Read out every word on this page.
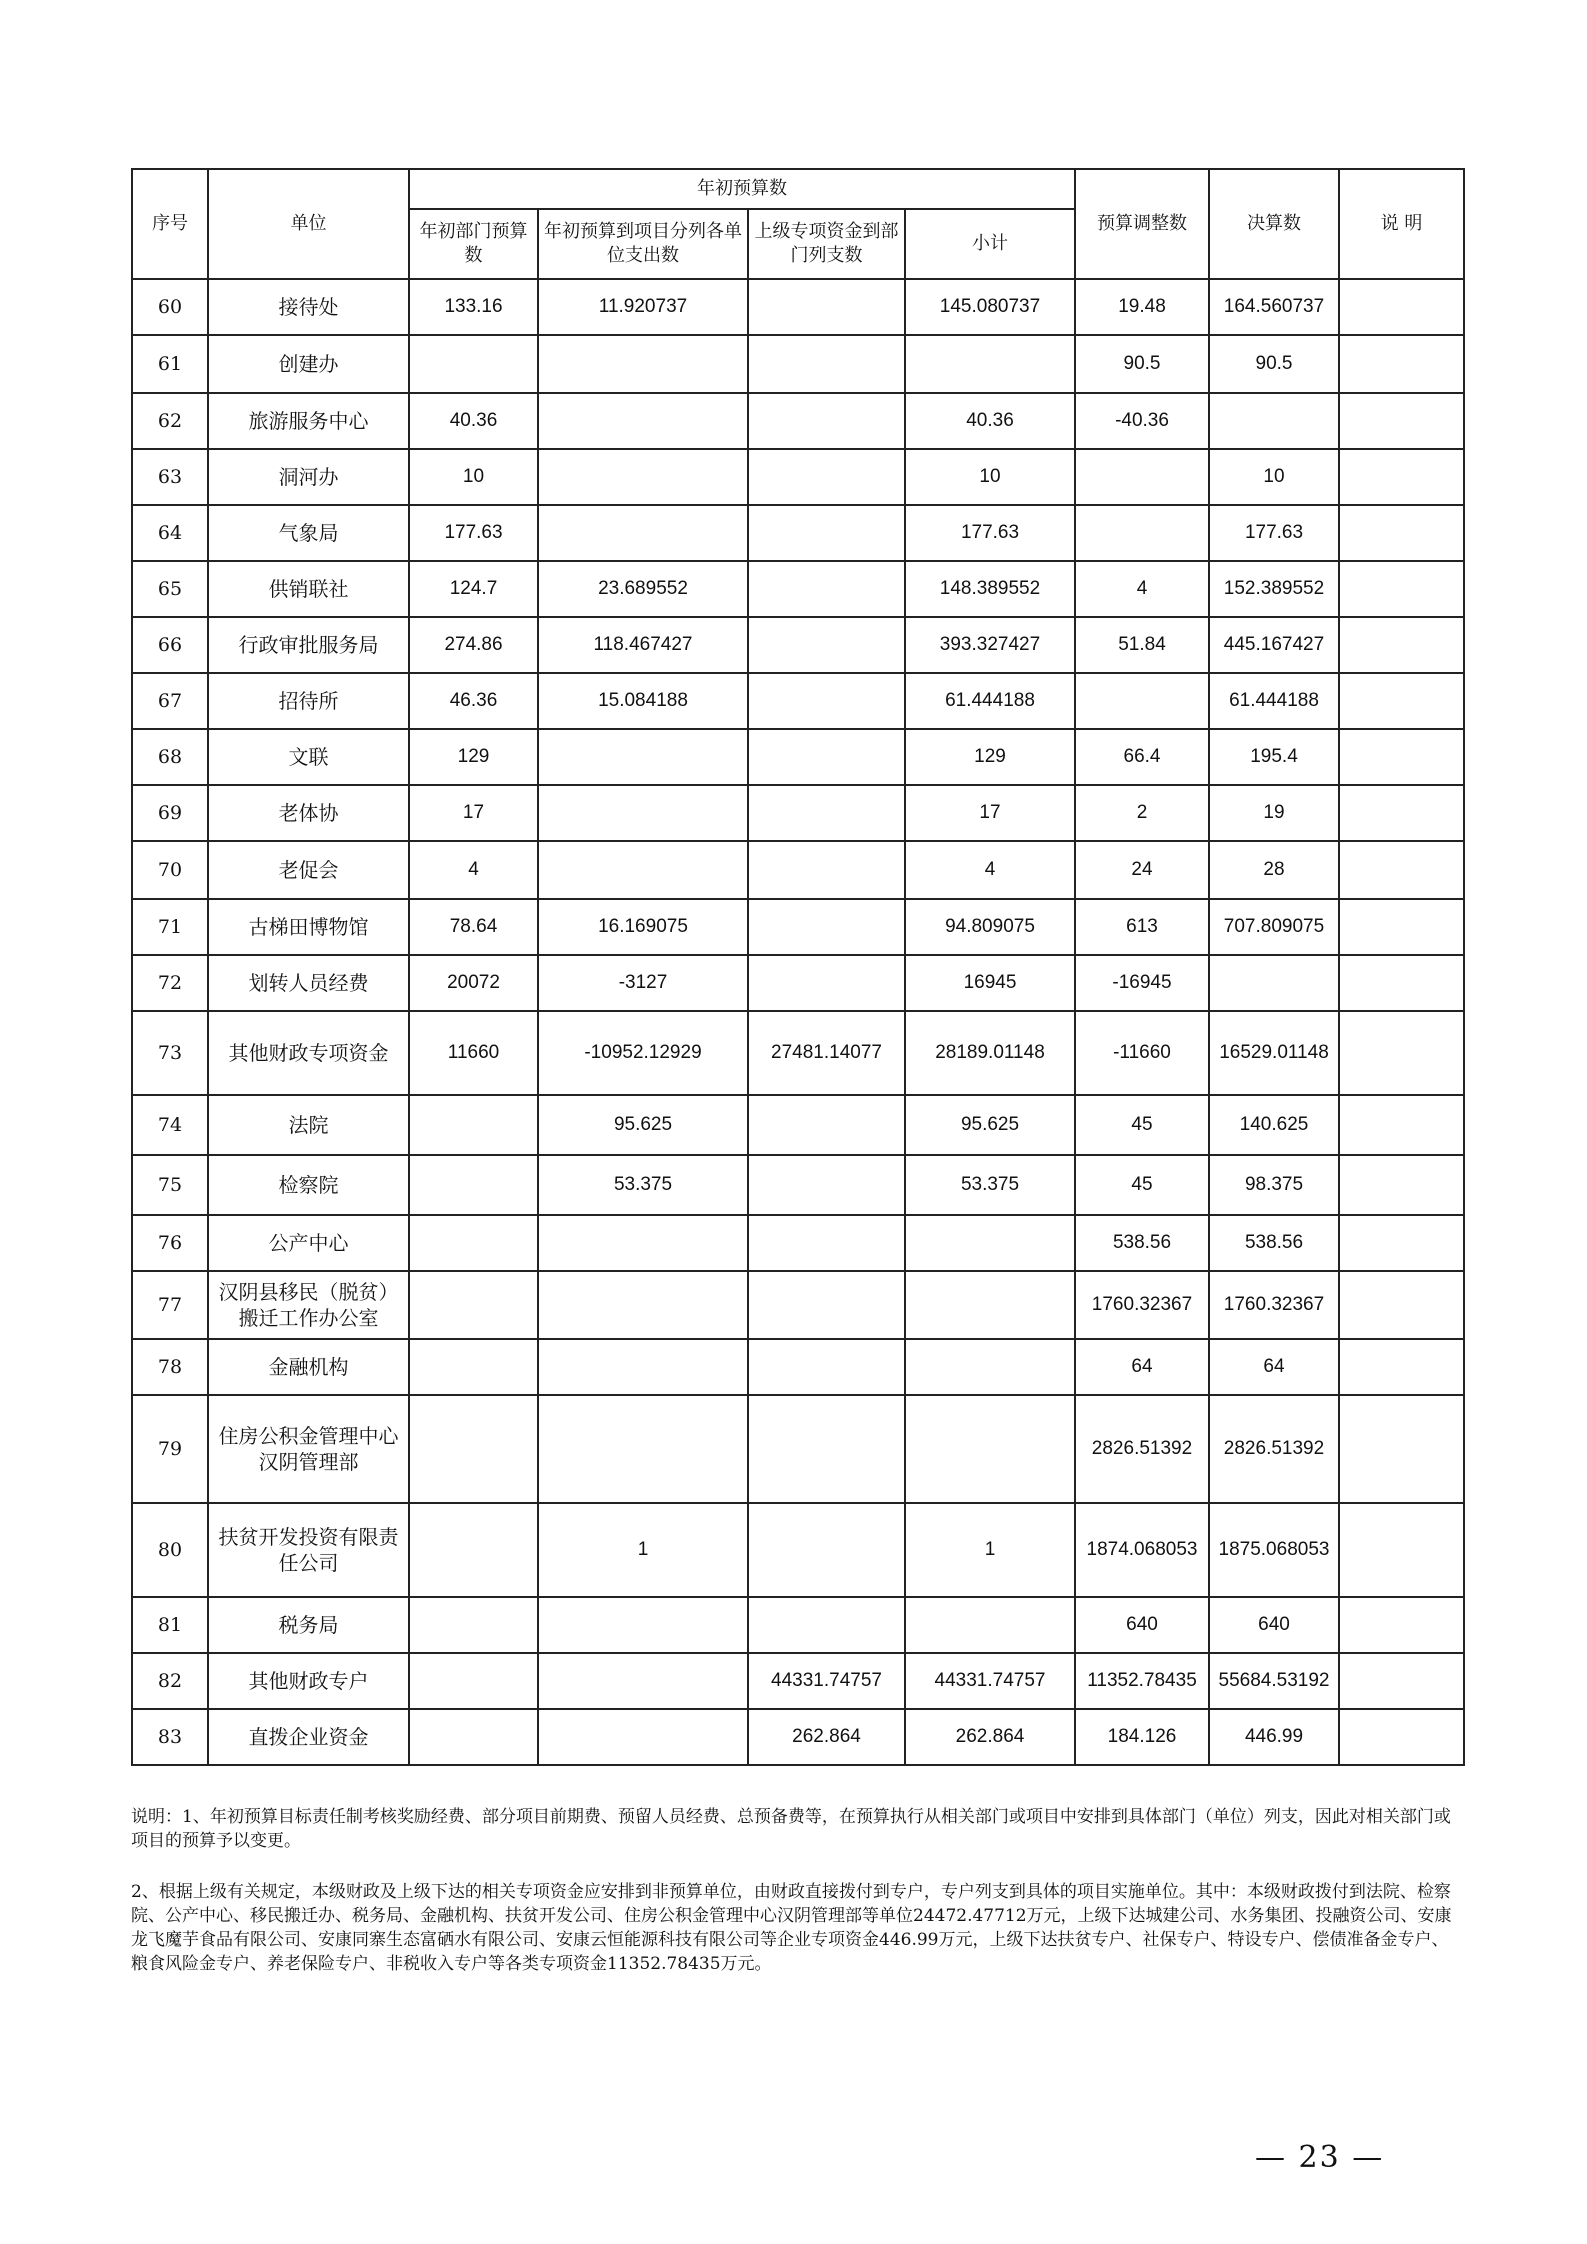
序号	单位	年初预算数				预算调整数	决算数	说 明
		年初部门预算数	年初预算到项目分列各单位支出数	上级专项资金到部门列支数	小计			
60	接待处	133.16	11.920737		145.080737	19.48	164.560737	
61	创建办					90.5	90.5	
62	旅游服务中心	40.36			40.36	-40.36		
63	洞河办	10			10		10	
64	气象局	177.63			177.63		177.63	
65	供销联社	124.7	23.689552		148.389552	4	152.389552	
66	行政审批服务局	274.86	118.467427		393.327427	51.84	445.167427	
67	招待所	46.36	15.084188		61.444188		61.444188	
68	文联	129			129	66.4	195.4	
69	老体协	17			17	2	19	
70	老促会	4			4	24	28	
71	古梯田博物馆	78.64	16.169075		94.809075	613	707.809075	
72	划转人员经费	20072	-3127		16945	-16945		
73	其他财政专项资金	11660	-10952.12929	27481.14077	28189.01148	-11660	16529.01148	
74	法院		95.625		95.625	45	140.625	
75	检察院		53.375		53.375	45	98.375	
76	公产中心					538.56	538.56	
77	汉阴县移民（脱贫）搬迁工作办公室					1760.32367	1760.32367	
78	金融机构					64	64	
79	住房公积金管理中心汉阴管理部					2826.51392	2826.51392	
80	扶贫开发投资有限责任公司		1		1	1874.068053	1875.068053	
81	税务局					640	640	
82	其他财政专户			44331.74757	44331.74757	11352.78435	55684.53192	
83	直拨企业资金			262.864	262.864	184.126	446.99	
说明：1、年初预算目标责任制考核奖励经费、部分项目前期费、预留人员经费、总预备费等，在预算执行从相关部门或项目中安排到具体部门（单位）列支，因此对相关部门或项目的预算予以变更。
2、根据上级有关规定，本级财政及上级下达的相关专项资金应安排到非预算单位，由财政直接拨付到专户，专户列支到具体的项目实施单位。其中：本级财政拨付到法院、检察院、公产中心、移民搬迁办、税务局、金融机构、扶贫开发公司、住房公积金管理中心汉阴管理部等单位24472.47712万元，上级下达城建公司、水务集团、投融资公司、安康龙飞魔芋食品有限公司、安康同寨生态富硒水有限公司、安康云恒能源科技有限公司等企业专项资金446.99万元，上级下达扶贫专户、社保专户、特设专户、偿债准备金专户、粮食风险金专户、养老保险专户、非税收入专户等各类专项资金11352.78435万元。
— 23 —
